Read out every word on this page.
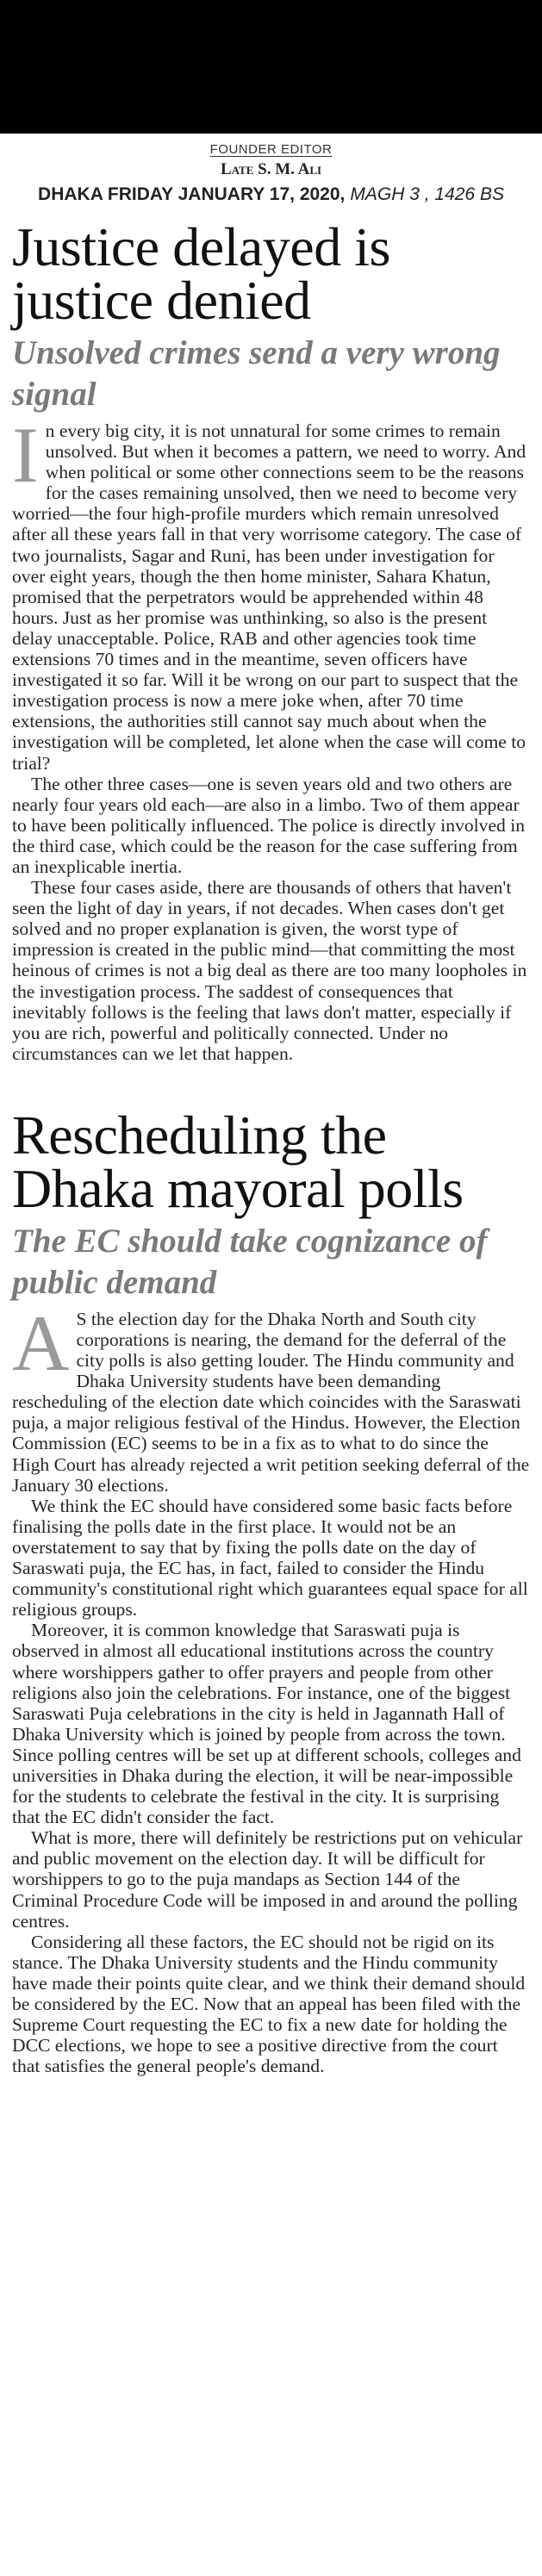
FOUNDER EDITOR
Late S. M. Ali
DHAKA FRIDAY JANUARY 17, 2020, MAGH 3 , 1426 BS
Justice delayed is justice denied
Unsolved crimes send a very wrong signal

In every big city, it is not unnatural for some crimes to remain unsolved. But when it becomes a pattern, we need to worry. And when political or some other connections seem to be the reasons for the cases remaining unsolved, then we need to become very worried—the four high-profile murders which remain unresolved after all these years fall in that very worrisome category. The case of two journalists, Sagar and Runi, has been under investigation for over eight years, though the then home minister, Sahara Khatun, promised that the perpetrators would be apprehended within 48 hours. Just as her promise was unthinking, so also is the present delay unacceptable. Police, RAB and other agencies took time extensions 70 times and in the meantime, seven officers have investigated it so far. Will it be wrong on our part to suspect that the investigation process is now a mere joke when, after 70 time extensions, the authorities still cannot say much about when the investigation will be completed, let alone when the case will come to trial?

The other three cases—one is seven years old and two others are nearly four years old each—are also in a limbo. Two of them appear to have been politically influenced. The police is directly involved in the third case, which could be the reason for the case suffering from an inexplicable inertia.

These four cases aside, there are thousands of others that haven't seen the light of day in years, if not decades. When cases don't get solved and no proper explanation is given, the worst type of impression is created in the public mind—that committing the most heinous of crimes is not a big deal as there are too many loopholes in the investigation process. The saddest of consequences that inevitably follows is the feeling that laws don't matter, especially if you are rich, powerful and politically connected. Under no circumstances can we let that happen.

Rescheduling the Dhaka mayoral polls
The EC should take cognizance of public demand

A S the election day for the Dhaka North and South city corporations is nearing, the demand for the deferral of the city polls is also getting louder. The Hindu community and Dhaka University students have been demanding rescheduling of the election date which coincides with the Saraswati puja, a major religious festival of the Hindus. However, the Election Commission (EC) seems to be in a fix as to what to do since the High Court has already rejected a writ petition seeking deferral of the January 30 elections.

We think the EC should have considered some basic facts before finalising the polls date in the first place. It would not be an overstatement to say that by fixing the polls date on the day of Saraswati puja, the EC has, in fact, failed to consider the Hindu community's constitutional right which guarantees equal space for all religious groups.

Moreover, it is common knowledge that Saraswati puja is observed in almost all educational institutions across the country where worshippers gather to offer prayers and people from other religions also join the celebrations. For instance, one of the biggest Saraswati Puja celebrations in the city is held in Jagannath Hall of Dhaka University which is joined by people from across the town. Since polling centres will be set up at different schools, colleges and universities in Dhaka during the election, it will be near-impossible for the students to celebrate the festival in the city. It is surprising that the EC didn't consider the fact.

What is more, there will definitely be restrictions put on vehicular and public movement on the election day. It will be difficult for worshippers to go to the puja mandaps as Section 144 of the Criminal Procedure Code will be imposed in and around the polling centres.

Considering all these factors, the EC should not be rigid on its stance. The Dhaka University students and the Hindu community have made their points quite clear, and we think their demand should be considered by the EC. Now that an appeal has been filed with the Supreme Court requesting the EC to fix a new date for holding the DCC elections, we hope to see a positive directive from the court that satisfies the general people's demand.
